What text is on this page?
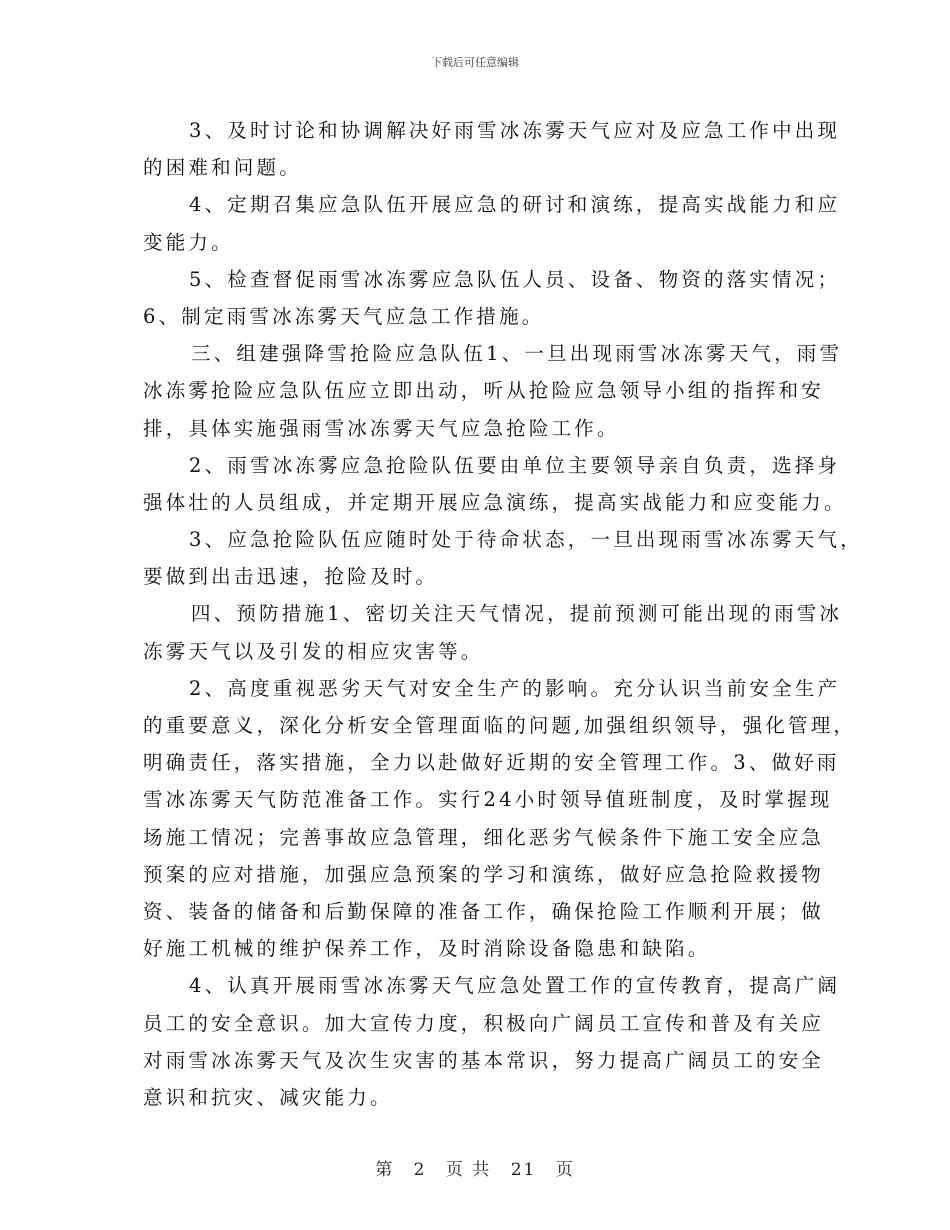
下载后可任意编辑
3、及时讨论和协调解决好雨雪冰冻雾天气应对及应急工作中出现
的困难和问题。
4、定期召集应急队伍开展应急的研讨和演练，提高实战能力和应
变能力。
5、检查督促雨雪冰冻雾应急队伍人员、设备、物资的落实情况；
6、制定雨雪冰冻雾天气应急工作措施。
三、组建强降雪抢险应急队伍1、一旦出现雨雪冰冻雾天气，雨雪
冰冻雾抢险应急队伍应立即出动，听从抢险应急领导小组的指挥和安
排，具体实施强雨雪冰冻雾天气应急抢险工作。
2、雨雪冰冻雾应急抢险队伍要由单位主要领导亲自负责，选择身
强体壮的人员组成，并定期开展应急演练，提高实战能力和应变能力。
3、应急抢险队伍应随时处于待命状态，一旦出现雨雪冰冻雾天气，
要做到出击迅速，抢险及时。
四、预防措施1、密切关注天气情况，提前预测可能出现的雨雪冰
冻雾天气以及引发的相应灾害等。
2、高度重视恶劣天气对安全生产的影响。充分认识当前安全生产
的重要意义，深化分析安全管理面临的问题,加强组织领导，强化管理，
明确责任，落实措施，全力以赴做好近期的安全管理工作。3、做好雨
雪冰冻雾天气防范准备工作。实行24小时领导值班制度，及时掌握现
场施工情况；完善事故应急管理，细化恶劣气候条件下施工安全应急
预案的应对措施，加强应急预案的学习和演练，做好应急抢险救援物
资、装备的储备和后勤保障的准备工作，确保抢险工作顺利开展；做
好施工机械的维护保养工作，及时消除设备隐患和缺陷。
4、认真开展雨雪冰冻雾天气应急处置工作的宣传教育，提高广阔
员工的安全意识。加大宣传力度，积极向广阔员工宣传和普及有关应
对雨雪冰冻雾天气及次生灾害的基本常识，努力提高广阔员工的安全
意识和抗灾、减灾能力。
第 2 页 共 21 页
